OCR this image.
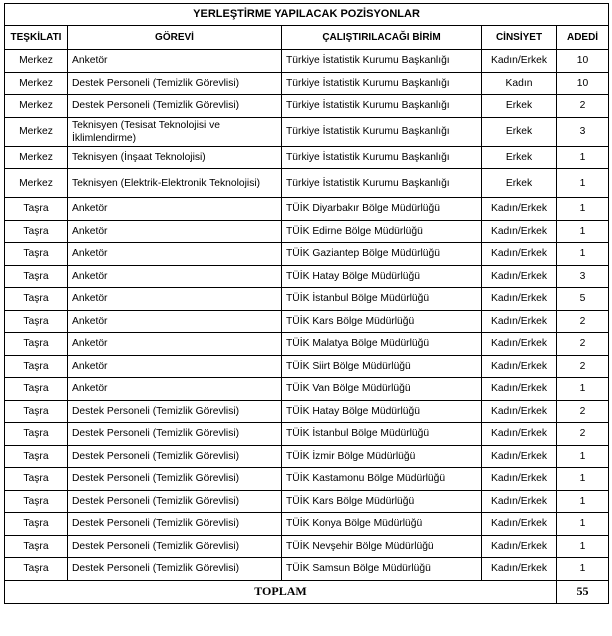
YERLEŞTİRME YAPILACAK POZİSYONLAR				
TEŞKİLATI	GÖREVİ	ÇALIŞTIRILACAĞI BİRİM	CİNSİYET	ADEDİ
Merkez	Anketör	Türkiye İstatistik Kurumu Başkanlığı	Kadın/Erkek	10
Merkez	Destek Personeli (Temizlik Görevlisi)	Türkiye İstatistik Kurumu Başkanlığı	Kadın	10
Merkez	Destek Personeli (Temizlik Görevlisi)	Türkiye İstatistik Kurumu Başkanlığı	Erkek	2
Merkez	Teknisyen (Tesisat Teknolojisi ve İklimlendirme)	Türkiye İstatistik Kurumu Başkanlığı	Erkek	3
Merkez	Teknisyen (İnşaat Teknolojisi)	Türkiye İstatistik Kurumu Başkanlığı	Erkek	1
Merkez	Teknisyen (Elektrik-Elektronik Teknolojisi)	Türkiye İstatistik Kurumu Başkanlığı	Erkek	1
Taşra	Anketör	TÜİK Diyarbakır Bölge Müdürlüğü	Kadın/Erkek	1
Taşra	Anketör	TÜİK Edirne Bölge Müdürlüğü	Kadın/Erkek	1
Taşra	Anketör	TÜİK Gaziantep Bölge Müdürlüğü	Kadın/Erkek	1
Taşra	Anketör	TÜİK Hatay Bölge Müdürlüğü	Kadın/Erkek	3
Taşra	Anketör	TÜİK İstanbul Bölge Müdürlüğü	Kadın/Erkek	5
Taşra	Anketör	TÜİK Kars Bölge Müdürlüğü	Kadın/Erkek	2
Taşra	Anketör	TÜİK Malatya Bölge Müdürlüğü	Kadın/Erkek	2
Taşra	Anketör	TÜİK Siirt Bölge Müdürlüğü	Kadın/Erkek	2
Taşra	Anketör	TÜİK Van Bölge Müdürlüğü	Kadın/Erkek	1
Taşra	Destek Personeli (Temizlik Görevlisi)	TÜİK Hatay Bölge Müdürlüğü	Kadın/Erkek	2
Taşra	Destek Personeli (Temizlik Görevlisi)	TÜİK İstanbul Bölge Müdürlüğü	Kadın/Erkek	2
Taşra	Destek Personeli (Temizlik Görevlisi)	TÜİK İzmir Bölge Müdürlüğü	Kadın/Erkek	1
Taşra	Destek Personeli (Temizlik Görevlisi)	TÜİK Kastamonu Bölge Müdürlüğü	Kadın/Erkek	1
Taşra	Destek Personeli (Temizlik Görevlisi)	TÜİK Kars Bölge Müdürlüğü	Kadın/Erkek	1
Taşra	Destek Personeli (Temizlik Görevlisi)	TÜİK Konya Bölge Müdürlüğü	Kadın/Erkek	1
Taşra	Destek Personeli (Temizlik Görevlisi)	TÜİK Nevşehir Bölge Müdürlüğü	Kadın/Erkek	1
Taşra	Destek Personeli (Temizlik Görevlisi)	TÜİK Samsun Bölge Müdürlüğü	Kadın/Erkek	1
TOPLAM				55
